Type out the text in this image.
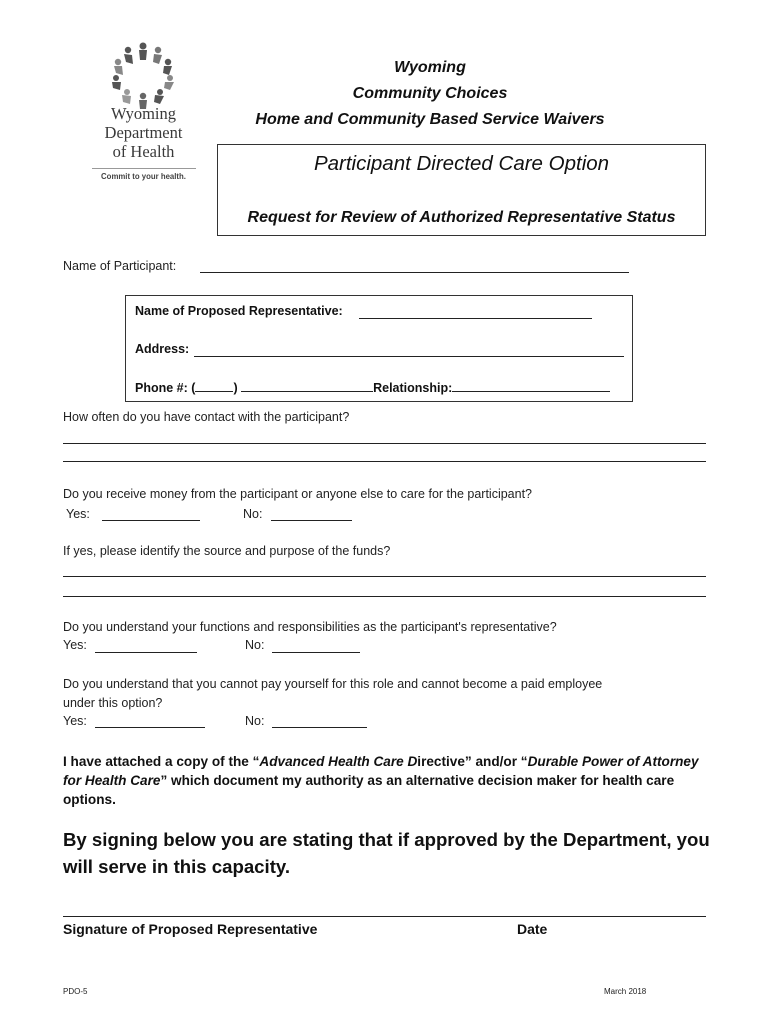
Wyoming
Department
of Health
Commit to your health.
Wyoming
Community Choices
Home and Community Based Service Waivers
Participant Directed Care Option
Request for Review of Authorized Representative Status
Name of Participant:
Name of Proposed Representative:
Address:
Phone #: (	)	Relationship:
How often do you have contact with the participant?
Do you receive money from the participant or anyone else to care for the participant?
Yes:	No:
If yes, please identify the source and purpose of the funds?
Do you understand your functions and responsibilities as the participant's representative?
Yes:	No:
Do you understand that you cannot pay yourself for this role and cannot become a paid employee
under this option?
Yes:	No:
I have attached a copy of the “Advanced Health Care Directive” and/or “Durable Power of Attorney for Health Care” which document my authority as an alternative decision maker for health care options.
By signing below you are stating that if approved by the Department, you will serve in this capacity.
Signature of Proposed Representative	Date
PDO-5	March 2018
